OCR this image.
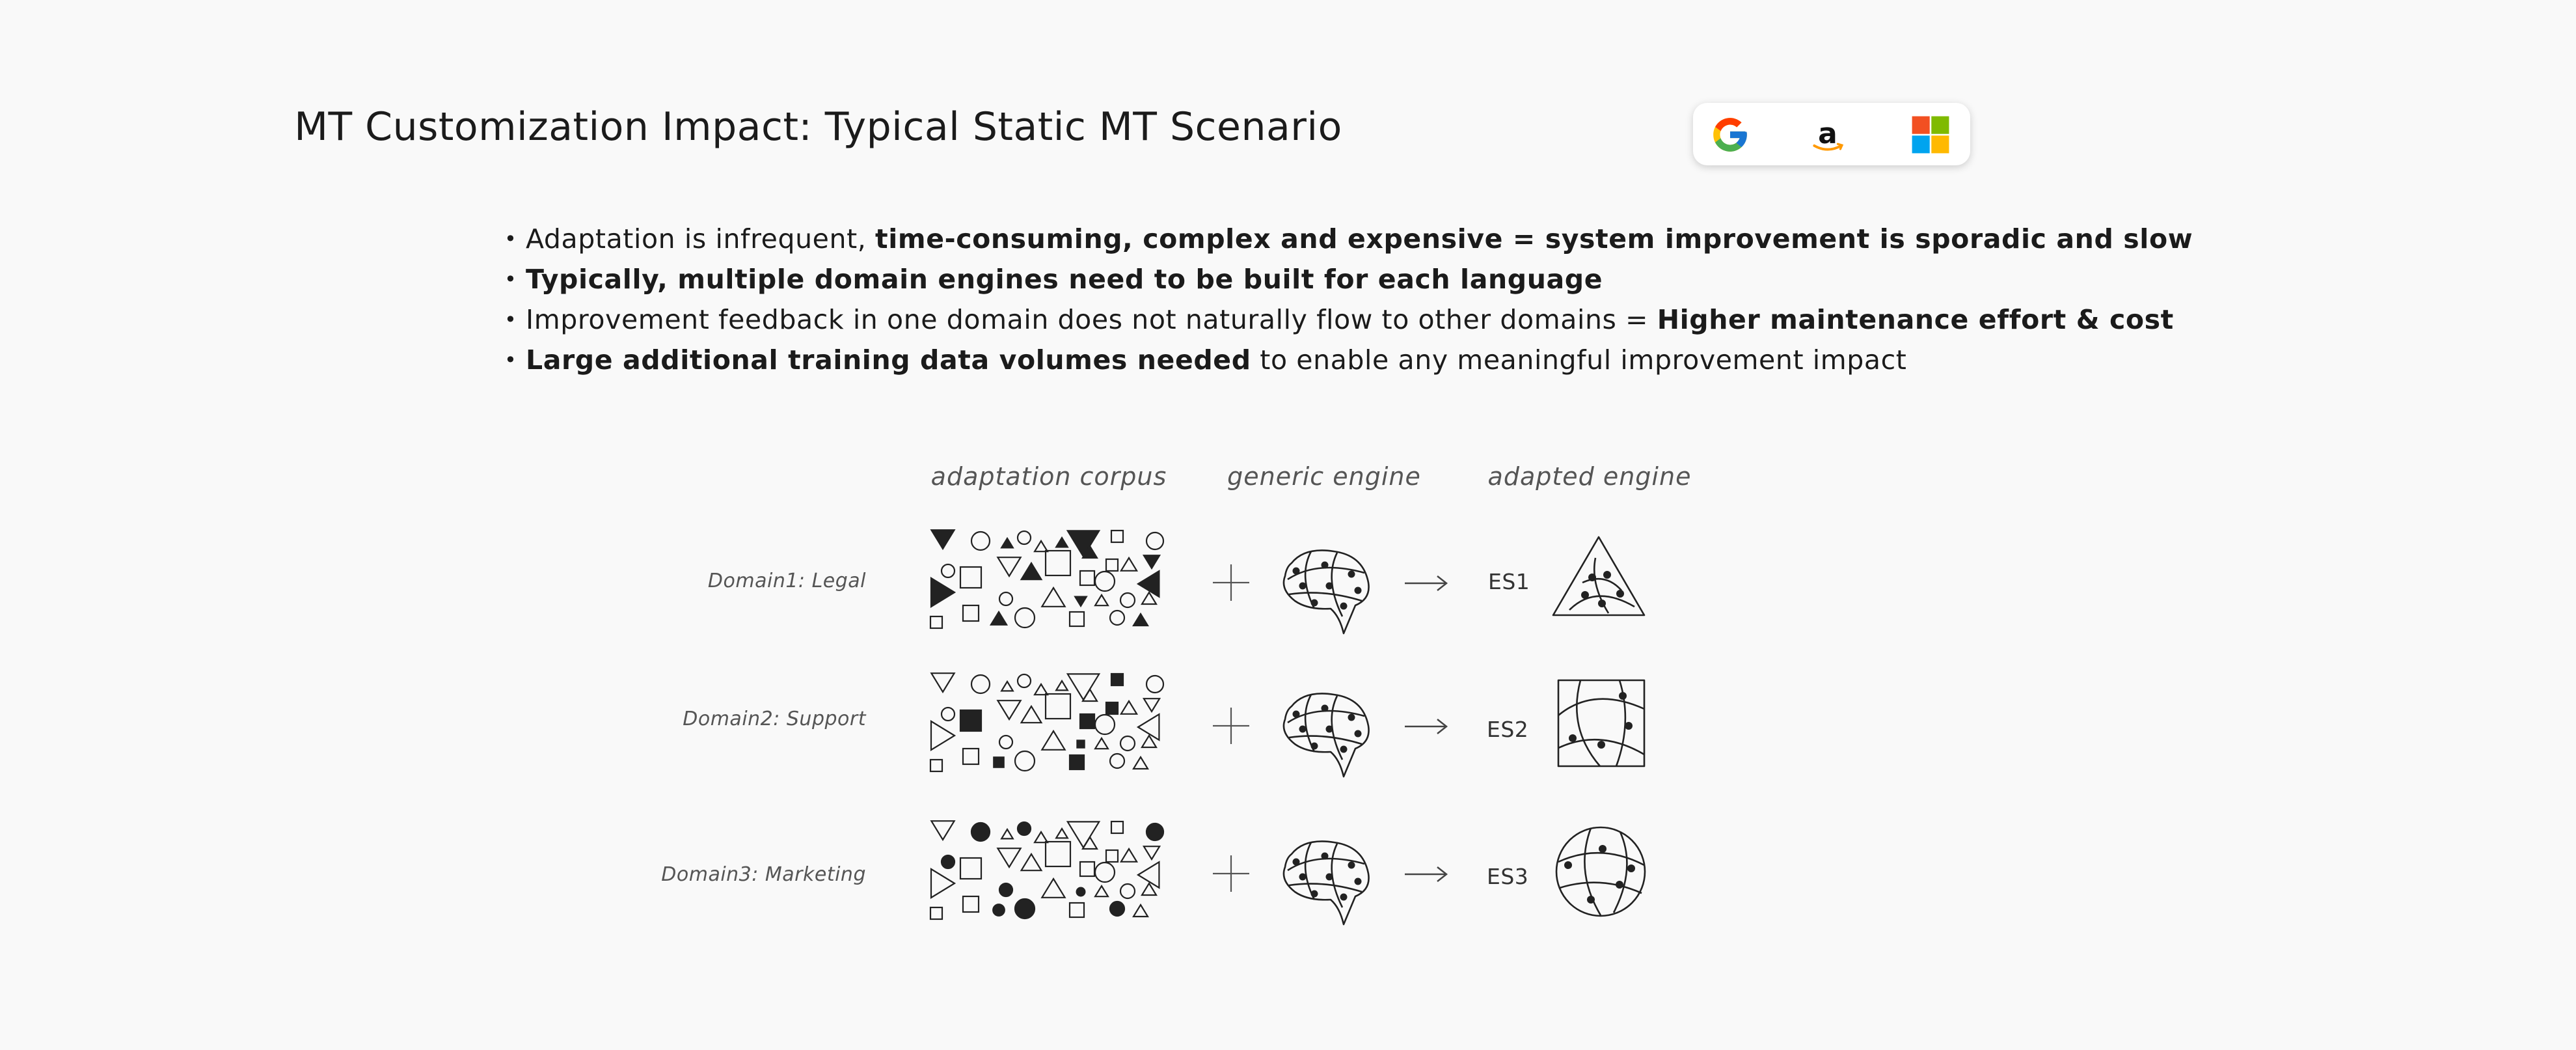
MT Customization Impact: Typical Static MT Scenario	a
• Adaptation is infrequent, time-consuming, complex and expensive = system improvement is sporadic and slow
• Typically, multiple domain engines need to be built for each language
• Improvement feedback in one domain does not naturally flow to other domains = Higher maintenance effort & cost
• Large additional training data volumes needed to enable any meaningful improvement impact
adaptation corpus generic engine	adapted engine
Domain1: Legal
Domain2: Support
Domain3: Marketing
ES1
ES2
ES3
